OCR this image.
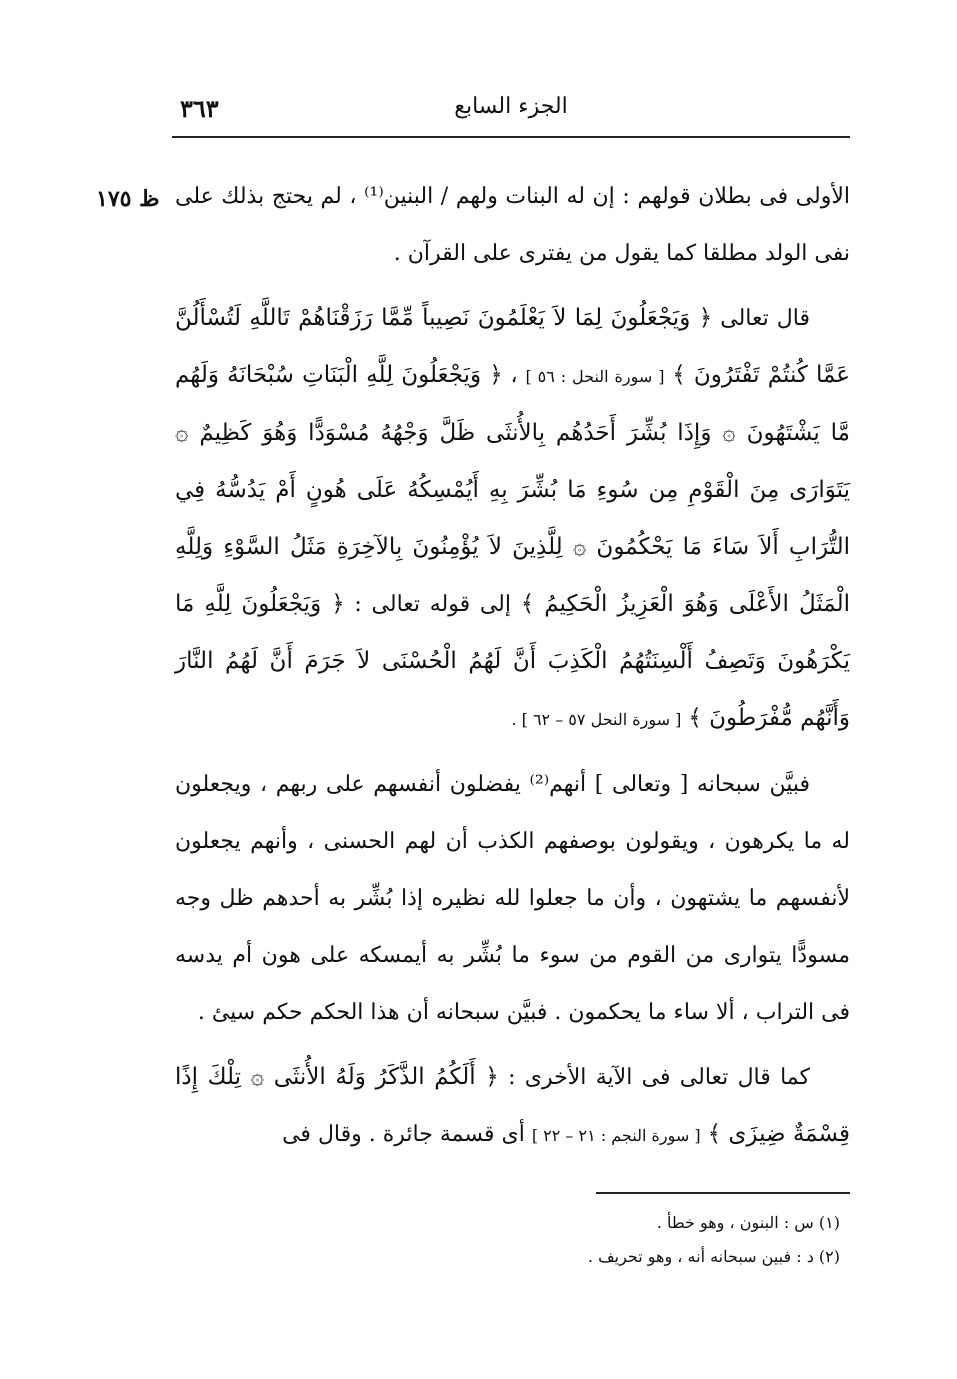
٣٦٣	الجزء السابع
ظ ١٧٥ الأولى فى بطلان قولهم : إن له البنات ولهم / البنين⁽¹⁾ ، لم يحتج بذلك على نفى الولد مطلقا كما يقول من يفترى على القرآن .

قال تعالى ﴿ وَيَجْعَلُونَ لِمَا لاَ يَعْلَمُونَ نَصِيباً مِّمَّا رَزَقْنَاهُمْ تَاللَّهِ لَتُسْأَلُنَّ عَمَّا كُنتُمْ تَفْتَرُونَ ﴾ [ سورة النحل : ٥٦ ] ، ﴿ وَيَجْعَلُونَ لِلَّهِ الْبَنَاتِ سُبْحَانَهُ وَلَهُم مَّا يَشْتَهُونَ ۞ وَإِذَا بُشِّرَ أَحَدُهُم بِالأُنثَى ظَلَّ وَجْهُهُ مُسْوَدًّا وَهُوَ كَظِيمٌ ۞ يَتَوَارَى مِنَ الْقَوْمِ مِن سُوءِ مَا بُشِّرَ بِهِ أَيُمْسِكُهُ عَلَى هُونٍ أَمْ يَدُسُّهُ فِي التُّرَابِ أَلاَ سَاءَ مَا يَحْكُمُونَ ۞ لِلَّذِينَ لاَ يُؤْمِنُونَ بِالآخِرَةِ مَثَلُ السَّوْءِ وَلِلَّهِ الْمَثَلُ الأَعْلَى وَهُوَ الْعَزِيزُ الْحَكِيمُ ﴾ إلى قوله تعالى : ﴿ وَيَجْعَلُونَ لِلَّهِ مَا يَكْرَهُونَ وَتَصِفُ أَلْسِنَتُهُمُ الْكَذِبَ أَنَّ لَهُمُ الْحُسْنَى لاَ جَرَمَ أَنَّ لَهُمُ النَّارَ وَأَنَّهُم مُّفْرَطُونَ ﴾ [ سورة النحل ٥٧ – ٦٢ ] .

فبيَّن سبحانه [ وتعالى ] أنهم⁽²⁾ يفضلون أنفسهم على ربهم ، ويجعلون له ما يكرهون ، ويقولون بوصفهم الكذب أن لهم الحسنى ، وأنهم يجعلون لأنفسهم ما يشتهون ، وأن ما جعلوا لله نظيره إذا بُشِّر به أحدهم ظل وجه مسودًّا يتوارى من القوم من سوء ما بُشِّر به أيمسكه على هون أم يدسه فى التراب ، ألا ساء ما يحكمون . فبيَّن سبحانه أن هذا الحكم حكم سيئ .

كما قال تعالى فى الآية الأخرى : ﴿ أَلَكُمُ الذَّكَرُ وَلَهُ الأُنثَى ۞ تِلْكَ إِذًا قِسْمَةٌ ضِيزَى ﴾ [ سورة النجم : ٢١ – ٢٢ ] أى قسمة جائرة . وقال فى

(١) س : البنون ، وهو خطأ .

(٢) د : فبين سبحانه أنه ، وهو تحريف .
